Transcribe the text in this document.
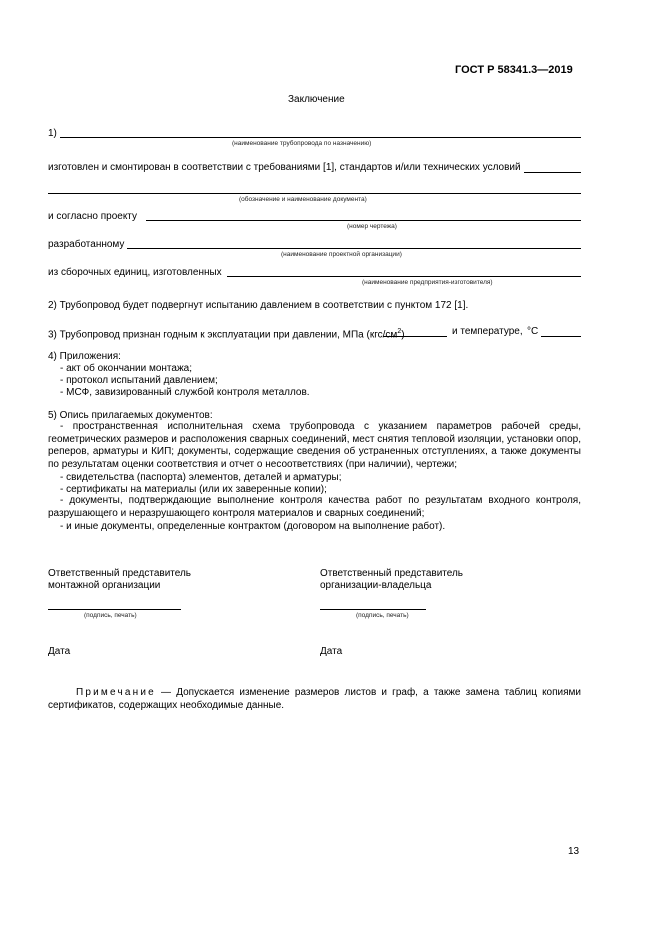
ГОСТ Р 58341.3—2019
Заключение
1)
(наименование трубопровода по назначению)
изготовлен и смонтирован в соответствии с требованиями [1], стандартов и/или технических условий
(обозначение и наименование документа)
и согласно проекту
(номер чертежа)
разработанному
(наименование проектной организации)
из сборочных единиц, изготовленных
(наименование предприятия-изготовителя)
2) Трубопровод будет подвергнут испытанию давлением в соответствии с пунктом 172 [1].
3) Трубопровод признан годным к эксплуатации при давлении, МПа $(кгс/см^2)$	и температуре, °С
4) Приложения:
- акт об окончании монтажа;
- протокол испытаний давлением;
- МСФ, завизированный службой контроля металлов.
5) Опись прилагаемых документов:
- пространственная исполнительная схема трубопровода с указанием параметров рабочей среды, геометрических размеров и расположения сварных соединений, мест снятия тепловой изоляции, установки опор, реперов, арматуры и КИП; документы, содержащие сведения об устраненных отступлениях, а также документы по результатам оценки соответствия и отчет о несоответствиях (при наличии), чертежи;
- свидетельства (паспорта) элементов, деталей и арматуры;
- сертификаты на материалы (или их заверенные копии);
- документы, подтверждающие выполнение контроля качества работ по результатам входного контроля, разрушающего и неразрушающего контроля материалов и сварных соединений;
- и иные документы, определенные контрактом (договором на выполнение работ).
Ответственный представитель
монтажной организации
(подпись, печать)
Дата
Ответственный представитель
организации-владельца
(подпись, печать)
Дата
Примечание — Допускается изменение размеров листов и граф, а также замена таблиц копиями сертификатов, содержащих необходимые данные.
13
